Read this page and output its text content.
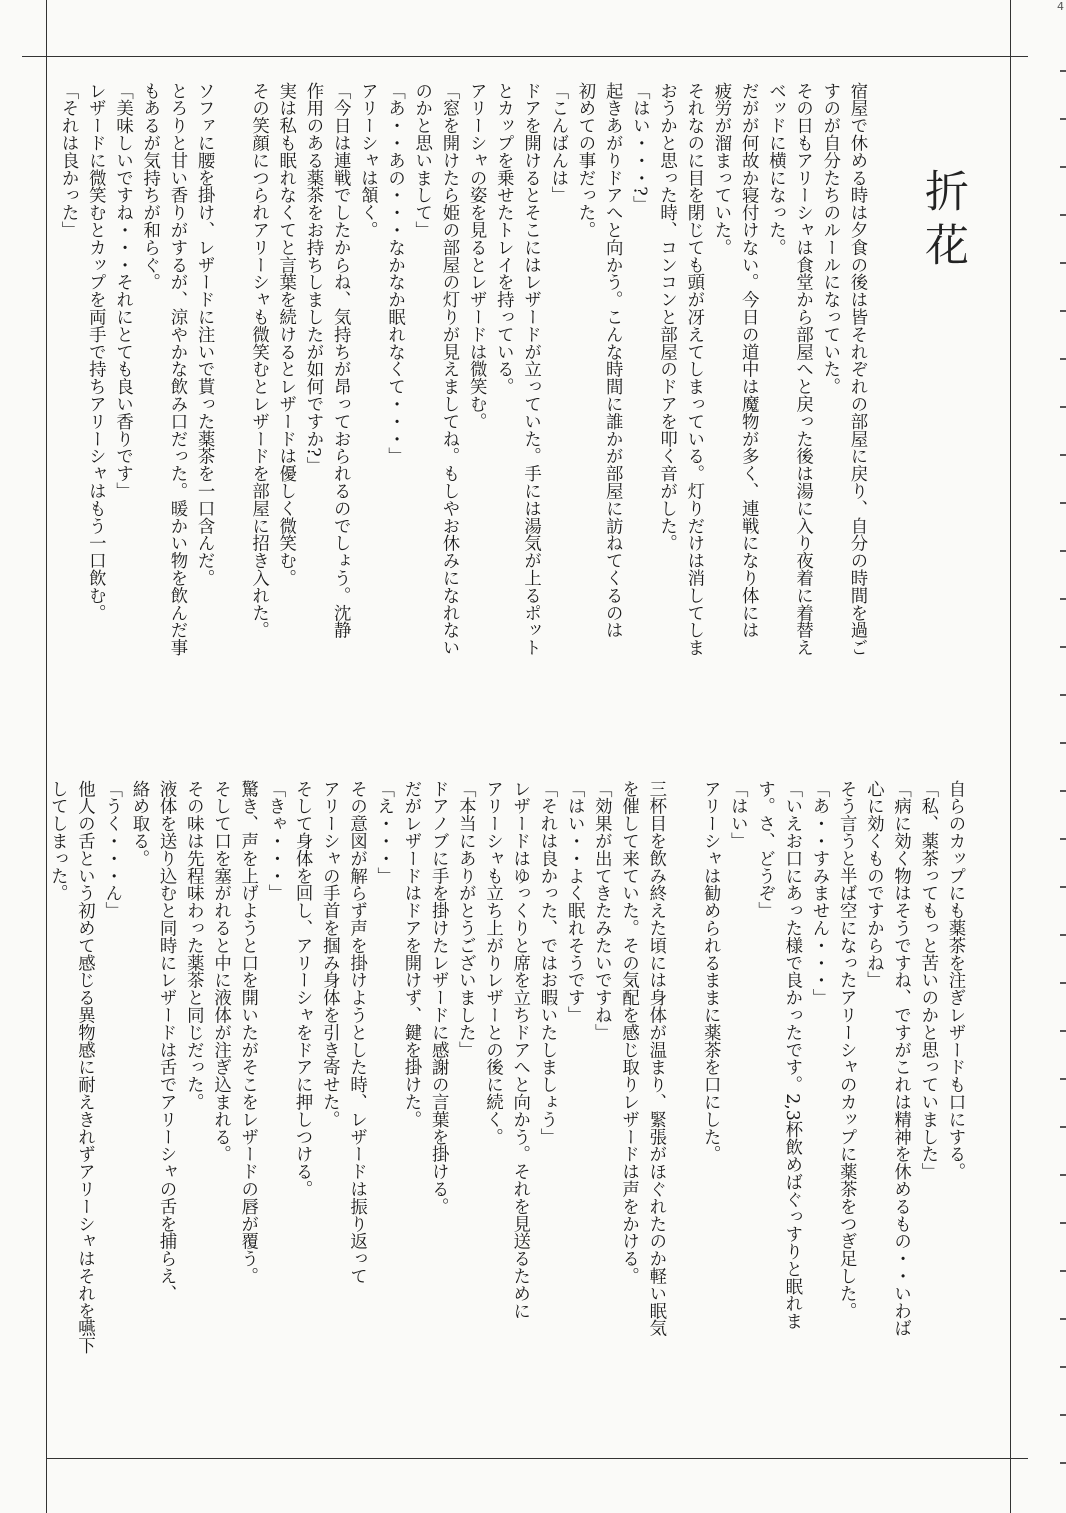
4
折花
宿屋で休める時は夕食の後は皆それぞれの部屋に戻り、自分の時間を過ご
すのが自分たちのルールになっていた。
その日もアリーシャは食堂から部屋へと戻った後は湯に入り夜着に着替え
ベッドに横になった。
だがが何故か寝付けない。今日の道中は魔物が多く、連戦になり体には
疲労が溜まっていた。
それなのに目を閉じても頭が冴えてしまっている。灯りだけは消してしま
おうかと思った時、コンコンと部屋のドアを叩く音がした。
「はい・・・?」
起きあがりドアへと向かう。こんな時間に誰かが部屋に訪ねてくるのは
初めての事だった。
「こんばんは」
ドアを開けるとそこにはレザードが立っていた。手には湯気が上るポット
とカップを乗せたトレイを持っている。
アリーシャの姿を見るとレザードは微笑む。
「窓を開けたら姫の部屋の灯りが見えましてね。もしやお休みになれない
のかと思いまして」
「あ・・あの・・・なかなか眠れなくて・・・」
アリーシャは頷く。
「今日は連戦でしたからね、気持ちが昂っておられるのでしょう。沈静
作用のある薬茶をお持ちしましたが如何ですか?」
実は私も眠れなくてと言葉を続けるとレザードは優しく微笑む。
その笑顔につられアリーシャも微笑むとレザードを部屋に招き入れた。

ソファに腰を掛け、レザードに注いで貰った薬茶を一口含んだ。
とろりと甘い香りがするが、涼やかな飲み口だった。暖かい物を飲んだ事
もあるが気持ちが和らぐ。
「美味しいですね・・・それにとても良い香りです」
レザードに微笑むとカップを両手で持ちアリーシャはもう一口飲む。
「それは良かった」
自らのカップにも薬茶を注ぎレザードも口にする。
「私、薬茶ってもっと苦いのかと思っていました」
「病に効く物はそうですね、ですがこれは精神を休めるもの・・いわば
心に効くものですからね」
そう言うと半ば空になったアリーシャのカップに薬茶をつぎ足した。
「あ・・すみません・・・」
「いえお口にあった様で良かったです。2,3杯飲めばぐっすりと眠れま
す。さ、どうぞ」
「はい」
アリーシャは勧められるままに薬茶を口にした。

三杯目を飲み終えた頃には身体が温まり、緊張がほぐれたのか軽い眠気
を催して来ていた。その気配を感じ取りレザードは声をかける。
「効果が出てきたみたいですね」
「はい・・よく眠れそうです」
「それは良かった、ではお暇いたしましょう」
レザードはゆっくりと席を立ちドアへと向かう。それを見送るために
アリーシャも立ち上がりレザーとの後に続く。
「本当にありがとうございました」
ドアノブに手を掛けたレザードに感謝の言葉を掛ける。
だがレザードはドアを開けず、鍵を掛けた。
「え・・・」
その意図が解らず声を掛けようとした時、レザードは振り返って
アリーシャの手首を掴み身体を引き寄せた。
そして身体を回し、アリーシャをドアに押しつける。
「きゃ・・・」
驚き、声を上げようと口を開いたがそこをレザードの唇が覆う。
そして口を塞がれると中に液体が注ぎ込まれる。
その味は先程味わった薬茶と同じだった。
液体を送り込むと同時にレザードは舌でアリーシャの舌を捕らえ、
絡め取る。
「うく・・・ん」
他人の舌という初めて感じる異物感に耐えきれずアリーシャはそれを嚥下
してしまった。
